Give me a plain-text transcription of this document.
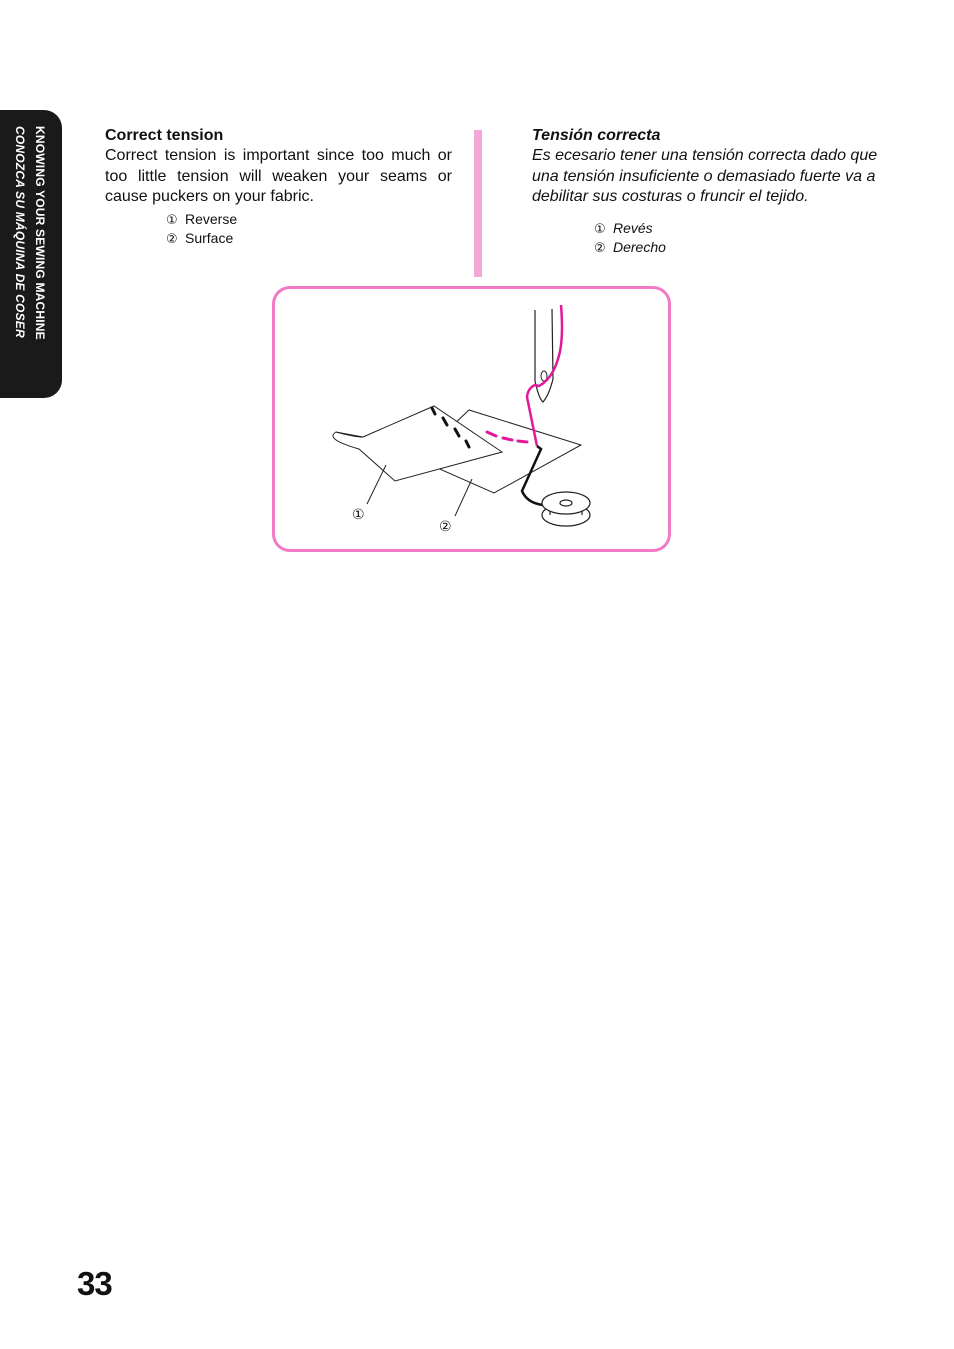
KNOWING YOUR SEWING MACHINE
CONOZCA SU MÁQUINA DE COSER	Correct tension

Correct tension is important since too much or too little tension will weaken your seams or cause puckers on your fabric.

① Reverse
② Surface
Tensión correcta

Es ecesario tener una tensión correcta dado que una tensión insuficiente o demasiado fuerte va a debilitar sus costuras o fruncir el tejido.

① Revés
② Derecho
①
②
33
